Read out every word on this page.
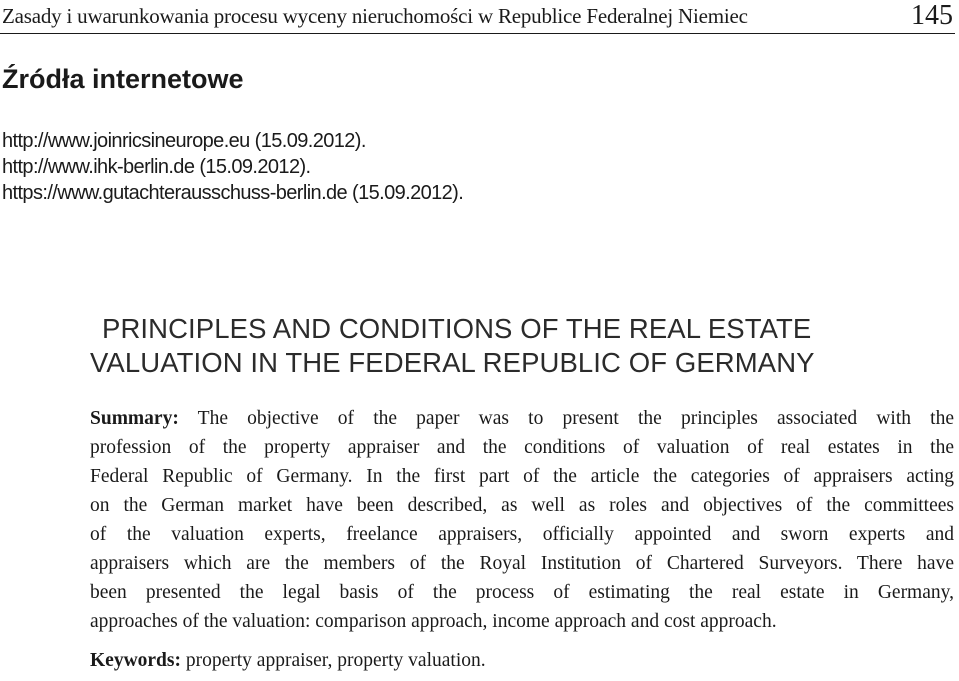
Zasady i uwarunkowania procesu wyceny nieruchomości w Republice Federalnej Niemiec	145
Źródła internetowe
http://www.joinricsineurope.eu (15.09.2012).
http://www.ihk-berlin.de (15.09.2012).
https://www.gutachterausschuss-berlin.de (15.09.2012).
PRINCIPLES AND CONDITIONS OF THE REAL ESTATE
VALUATION IN THE FEDERAL REPUBLIC OF GERMANY
Summary: The objective of the paper was to present the principles associated with the
profession of the property appraiser and the conditions of valuation of real estates in the
Federal Republic of Germany. In the first part of the article the categories of appraisers acting
on the German market have been described, as well as roles and objectives of the committees
of the valuation experts, freelance appraisers, officially appointed and sworn experts and
appraisers which are the members of the Royal Institution of Chartered Surveyors. There have
been presented the legal basis of the process of estimating the real estate in Germany,
approaches of the valuation: comparison approach, income approach and cost approach.
Keywords: property appraiser, property valuation.
